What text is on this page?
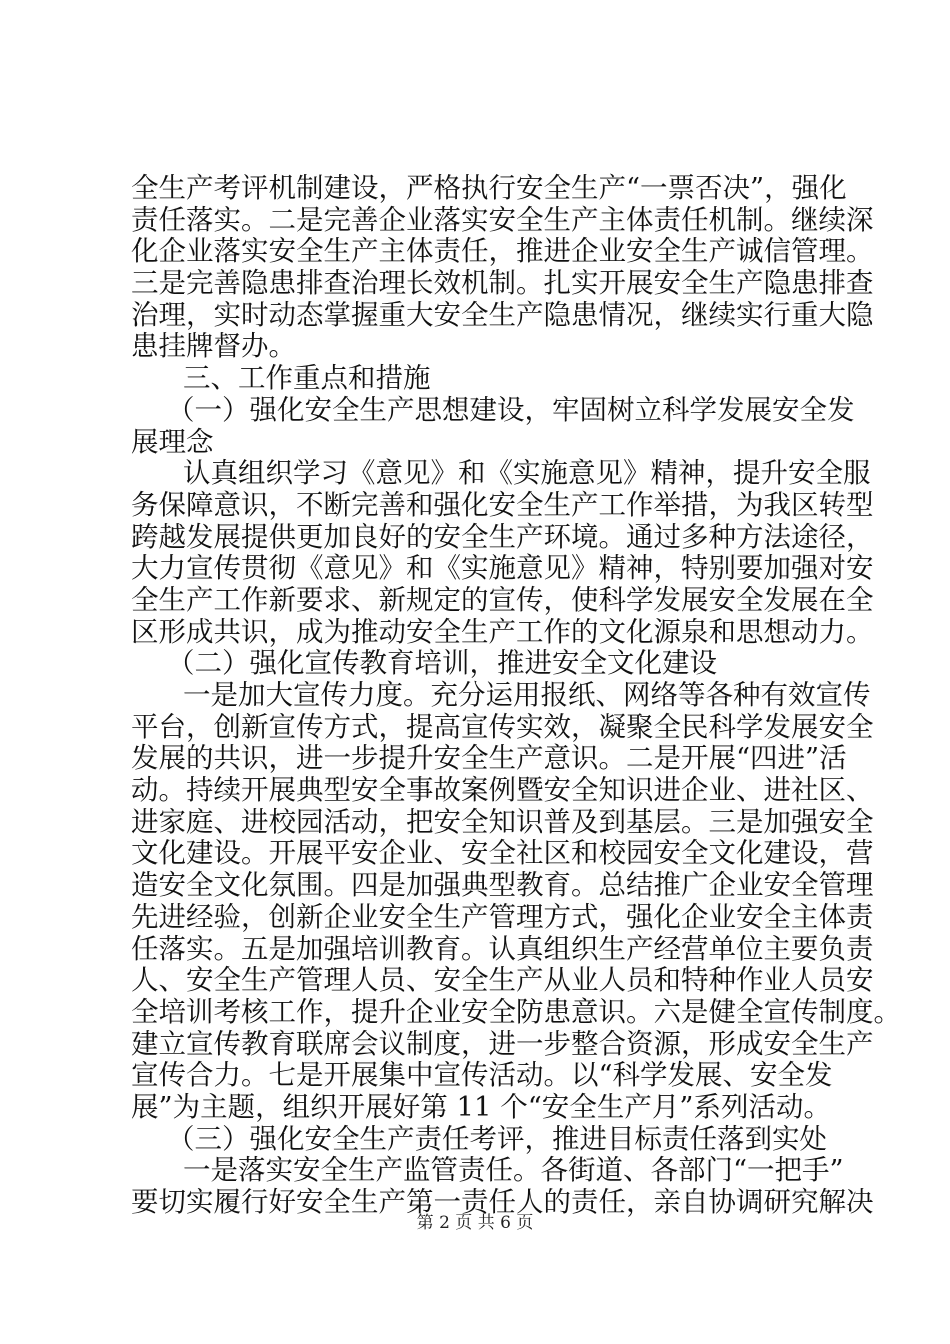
全生产考评机制建设，严格执行安全生产“一票否决”，强化
责任落实。二是完善企业落实安全生产主体责任机制。继续深
化企业落实安全生产主体责任，推进企业安全生产诚信管理。
三是完善隐患排查治理长效机制。扎实开展安全生产隐患排查
治理，实时动态掌握重大安全生产隐患情况，继续实行重大隐
患挂牌督办。
三、工作重点和措施
（一）强化安全生产思想建设，牢固树立科学发展安全发
展理念
认真组织学习《意见》和《实施意见》精神，提升安全服
务保障意识，不断完善和强化安全生产工作举措，为我区转型
跨越发展提供更加良好的安全生产环境。通过多种方法途径，
大力宣传贯彻《意见》和《实施意见》精神，特别要加强对安
全生产工作新要求、新规定的宣传，使科学发展安全发展在全
区形成共识，成为推动安全生产工作的文化源泉和思想动力。
（二）强化宣传教育培训，推进安全文化建设
一是加大宣传力度。充分运用报纸、网络等各种有效宣传
平台，创新宣传方式，提高宣传实效，凝聚全民科学发展安全
发展的共识，进一步提升安全生产意识。二是开展“四进”活
动。持续开展典型安全事故案例暨安全知识进企业、进社区、
进家庭、进校园活动，把安全知识普及到基层。三是加强安全
文化建设。开展平安企业、安全社区和校园安全文化建设，营
造安全文化氛围。四是加强典型教育。总结推广企业安全管理
先进经验，创新企业安全生产管理方式，强化企业安全主体责
任落实。五是加强培训教育。认真组织生产经营单位主要负责
人、安全生产管理人员、安全生产从业人员和特种作业人员安
全培训考核工作，提升企业安全防患意识。六是健全宣传制度。
建立宣传教育联席会议制度，进一步整合资源，形成安全生产
宣传合力。七是开展集中宣传活动。以“科学发展、安全发
展”为主题，组织开展好第 11 个“安全生产月”系列活动。
（三）强化安全生产责任考评，推进目标责任落到实处
一是落实安全生产监管责任。各街道、各部门“一把手”
要切实履行好安全生产第一责任人的责任，亲自协调研究解决
第 2 页 共 6 页
